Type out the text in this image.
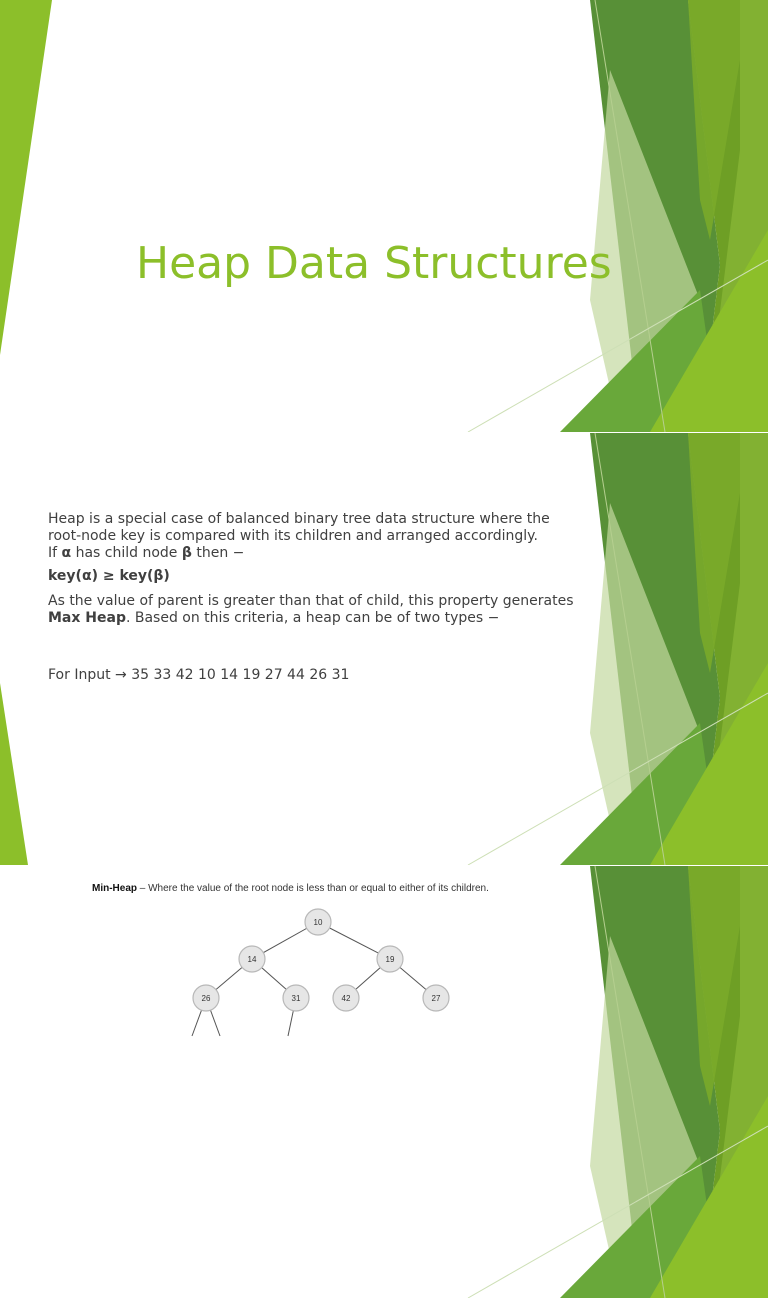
Heap Data Structures

Heap is a special case of balanced binary tree data structure where the root-node key is compared with its children and arranged accordingly.
If α has child node β then −

key(α) ≥ key(β)

As the value of parent is greater than that of child, this property generates Max Heap. Based on this criteria, a heap can be of two types −

For Input → 35 33 42 10 14 19 27 44 26 31

Min-Heap – Where the value of the root node is less than or equal to either of its children.
10
14	19
26	31	42	27
